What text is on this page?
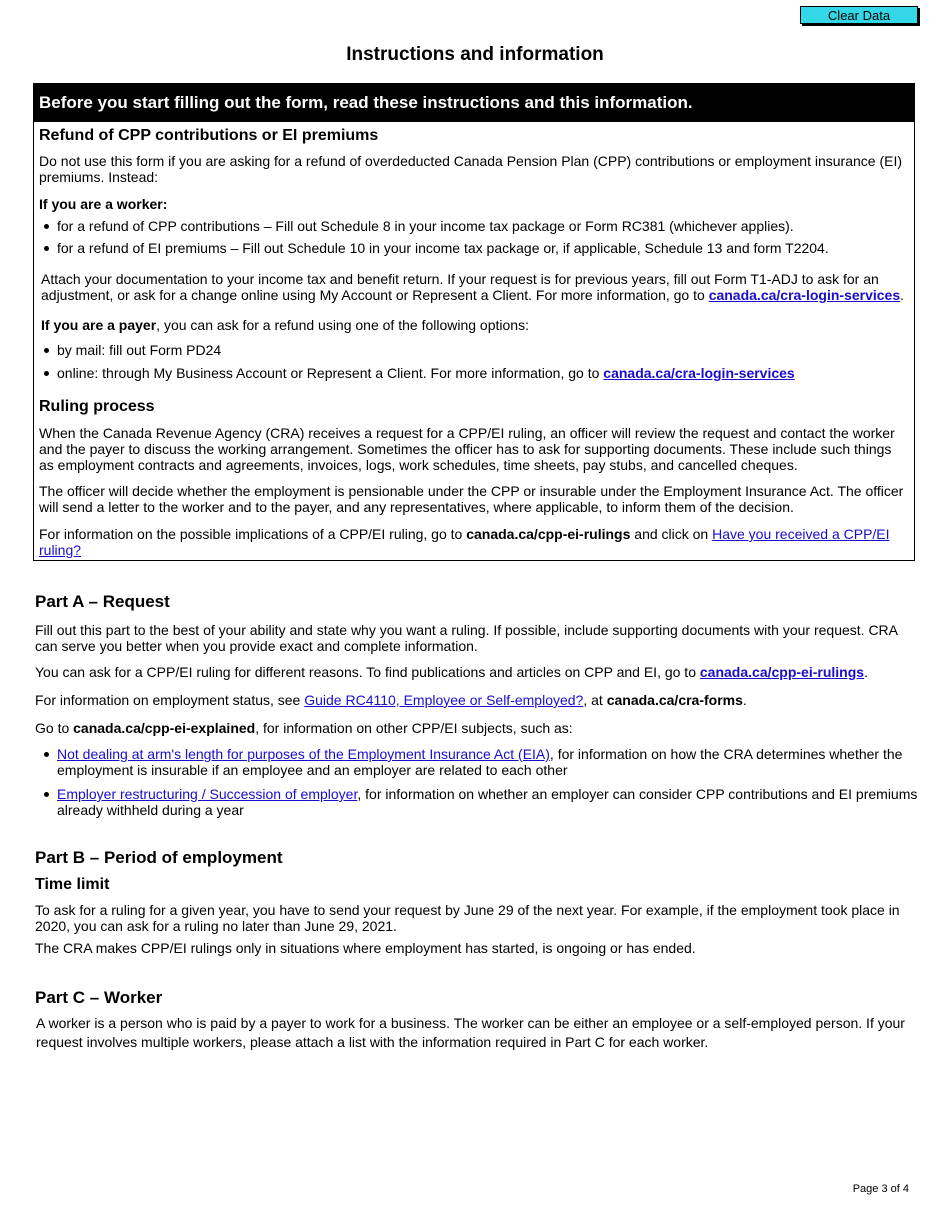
Clear Data
Instructions and information
Before you start filling out the form, read these instructions and this information.

Refund of CPP contributions or EI premiums

Do not use this form if you are asking for a refund of overdeducted Canada Pension Plan (CPP) contributions or employment insurance (EI) premiums. Instead:

If you are a worker:

for a refund of CPP contributions – Fill out Schedule 8 in your income tax package or Form RC381 (whichever applies).

for a refund of EI premiums – Fill out Schedule 10 in your income tax package or, if applicable, Schedule 13 and form T2204.

Attach your documentation to your income tax and benefit return. If your request is for previous years, fill out Form T1-ADJ to ask for an adjustment, or ask for a change online using My Account or Represent a Client. For more information, go to canada.ca/cra-login-services.

If you are a payer, you can ask for a refund using one of the following options:

by mail: fill out Form PD24

online: through My Business Account or Represent a Client. For more information, go to canada.ca/cra-login-services

Ruling process

When the Canada Revenue Agency (CRA) receives a request for a CPP/EI ruling, an officer will review the request and contact the worker and the payer to discuss the working arrangement. Sometimes the officer has to ask for supporting documents. These include such things as employment contracts and agreements, invoices, logs, work schedules, time sheets, pay stubs, and cancelled cheques.

The officer will decide whether the employment is pensionable under the CPP or insurable under the Employment Insurance Act. The officer will send a letter to the worker and to the payer, and any representatives, where applicable, to inform them of the decision.

For information on the possible implications of a CPP/EI ruling, go to canada.ca/cpp-ei-rulings and click on Have you received a CPP/EI ruling?

Part A – Request

Fill out this part to the best of your ability and state why you want a ruling. If possible, include supporting documents with your request. CRA can serve you better when you provide exact and complete information.

You can ask for a CPP/EI ruling for different reasons. To find publications and articles on CPP and EI, go to canada.ca/cpp-ei-rulings.

For information on employment status, see Guide RC4110, Employee or Self-employed?, at canada.ca/cra-forms.

Go to canada.ca/cpp-ei-explained, for information on other CPP/EI subjects, such as:

Not dealing at arm's length for purposes of the Employment Insurance Act (EIA), for information on how the CRA determines whether the employment is insurable if an employee and an employer are related to each other

Employer restructuring / Succession of employer, for information on whether an employer can consider CPP contributions and EI premiums already withheld during a year

Part B – Period of employment

Time limit

To ask for a ruling for a given year, you have to send your request by June 29 of the next year. For example, if the employment took place in 2020, you can ask for a ruling no later than June 29, 2021.

The CRA makes CPP/EI rulings only in situations where employment has started, is ongoing or has ended.

Part C – Worker

A worker is a person who is paid by a payer to work for a business. The worker can be either an employee or a self-employed person. If your request involves multiple workers, please attach a list with the information required in Part C for each worker.

Page 3 of 4
